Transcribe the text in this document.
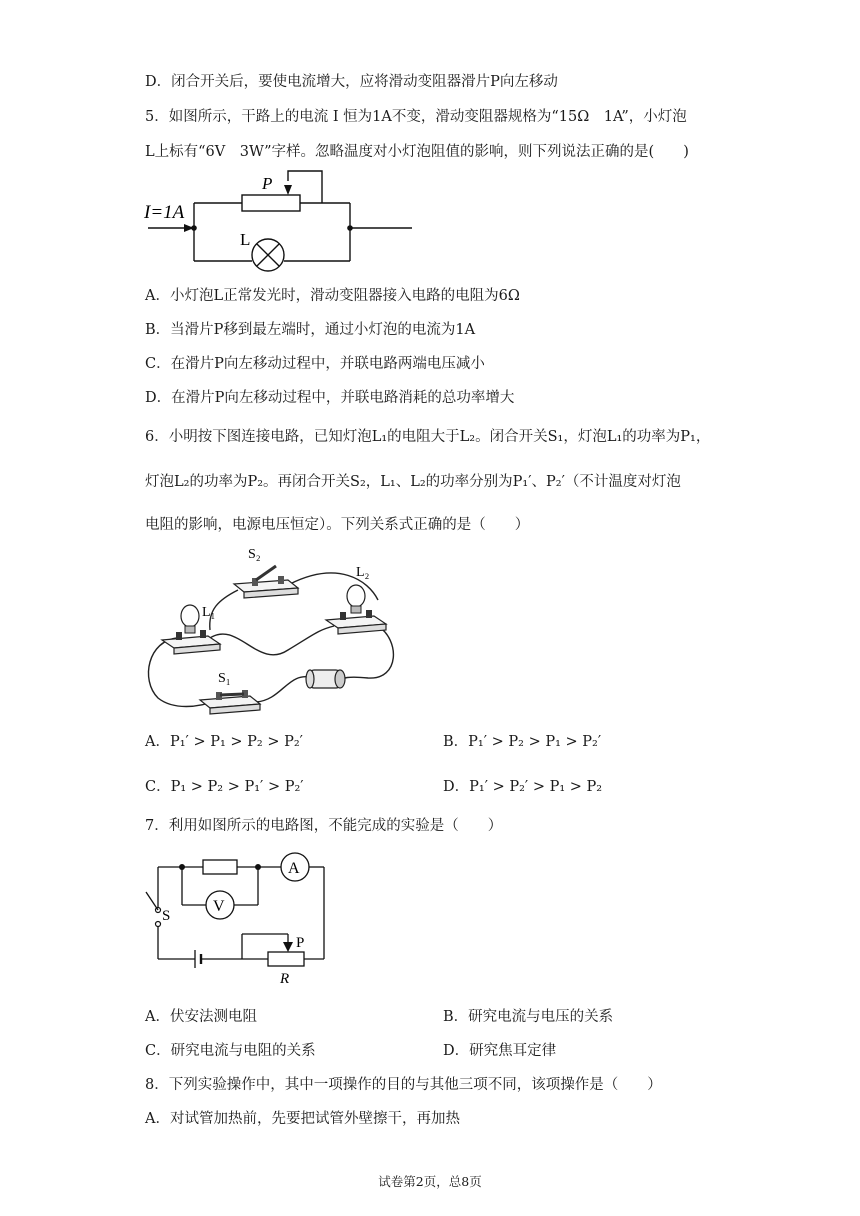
D．闭合开关后，要使电流增大，应将滑动变阻器滑片P向左移动
5．如图所示，干路上的电流 I 恒为1A不变，滑动变阻器规格为“15Ω　1A”，小灯泡
L上标有“6V　3W”字样。忽略温度对小灯泡阻值的影响，则下列说法正确的是(　　)
I=1A
P
L
A．小灯泡L正常发光时，滑动变阻器接入电路的电阻为6Ω
B．当滑片P移到最左端时，通过小灯泡的电流为1A
C．在滑片P向左移动过程中，并联电路两端电压减小
D．在滑片P向左移动过程中，并联电路消耗的总功率增大
6．小明按下图连接电路，已知灯泡L₁的电阻大于L₂。闭合开关S₁，灯泡L₁的功率为P₁，
灯泡L₂的功率为P₂。再闭合开关S₂，L₁、L₂的功率分别为P₁′、P₂′（不计温度对灯泡
电阻的影响，电源电压恒定）。下列关系式正确的是（　　）
S₂
L₁
L₂
S₁
A．P₁′ > P₁ > P₂ > P₂′	B．P₁′ > P₂ > P₁ > P₂′
C．P₁ > P₂ > P₁′ > P₂′	D．P₁′ > P₂′ > P₁ > P₂
7．利用如图所示的电路图，不能完成的实验是（　　）
A
V
S
P
R
A．伏安法测电阻	B．研究电流与电压的关系
C．研究电流与电阻的关系	D．研究焦耳定律
8．下列实验操作中，其中一项操作的目的与其他三项不同，该项操作是（　　）
A．对试管加热前，先要把试管外壁擦干，再加热
试卷第2页，总8页
